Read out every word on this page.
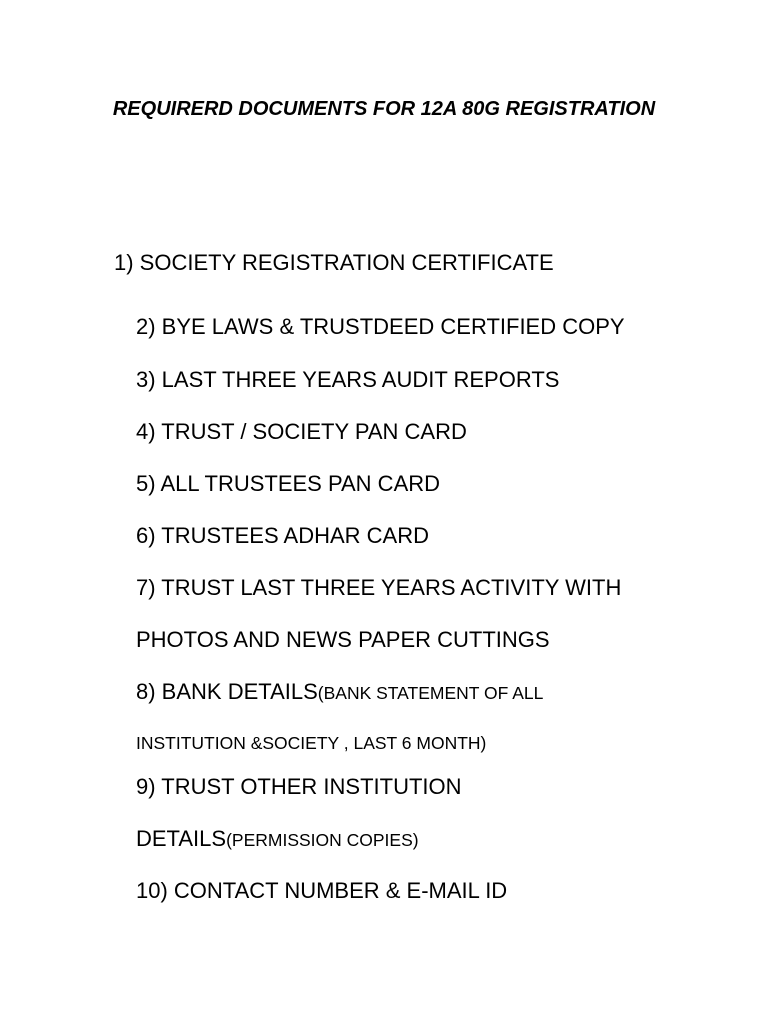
REQUIRERD DOCUMENTS FOR 12A 80G REGISTRATION
1) SOCIETY REGISTRATION CERTIFICATE
2) BYE LAWS & TRUSTDEED CERTIFIED COPY
3) LAST THREE YEARS AUDIT REPORTS
4) TRUST / SOCIETY PAN CARD
5) ALL TRUSTEES PAN CARD
6) TRUSTEES ADHAR CARD
7) TRUST LAST THREE YEARS ACTIVITY WITH
PHOTOS AND NEWS PAPER CUTTINGS
8) BANK DETAILS(BANK STATEMENT OF ALL
INSTITUTION &SOCIETY , LAST 6 MONTH)
9) TRUST OTHER INSTITUTION
DETAILS(PERMISSION COPIES)
10) CONTACT NUMBER & E-MAIL ID
